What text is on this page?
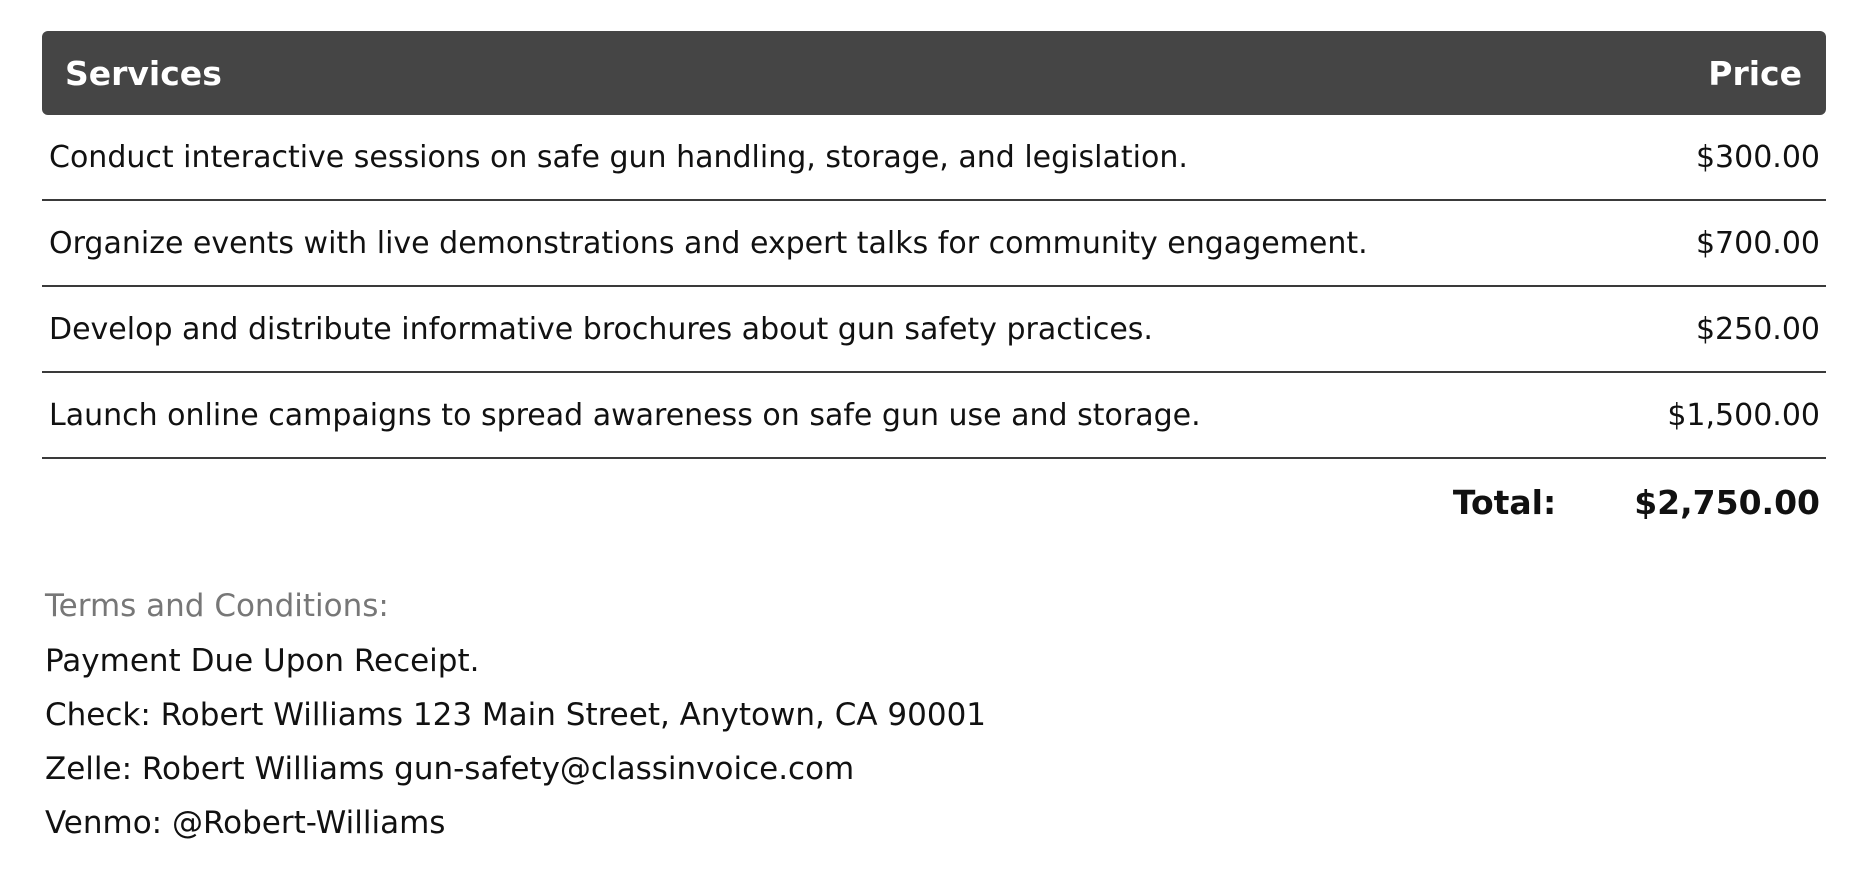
Services	Price
Conduct interactive sessions on safe gun handling, storage, and legislation.	$300.00
Organize events with live demonstrations and expert talks for community engagement.	$700.00
Develop and distribute informative brochures about gun safety practices.	$250.00
Launch online campaigns to spread awareness on safe gun use and storage.	$1,500.00
Total: $2,750.00
Terms and Conditions:
Payment Due Upon Receipt.
Check: Robert Williams 123 Main Street, Anytown, CA 90001
Zelle: Robert Williams gun-safety@classinvoice.com
Venmo: @Robert-Williams
